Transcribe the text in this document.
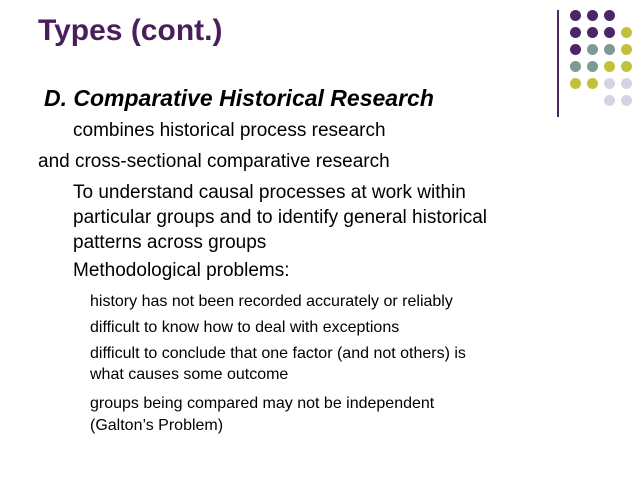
Types (cont.)
D. Comparative Historical Research
combines historical process research
and cross-sectional comparative research
To understand causal processes at work within
particular groups and to identify general historical
patterns across groups
Methodological problems:
history has not been recorded accurately or reliably
difficult to know how to deal with exceptions
difficult to conclude that one factor (and not others) is
what causes some outcome
groups being compared may not be independent
(Galton’s Problem)
